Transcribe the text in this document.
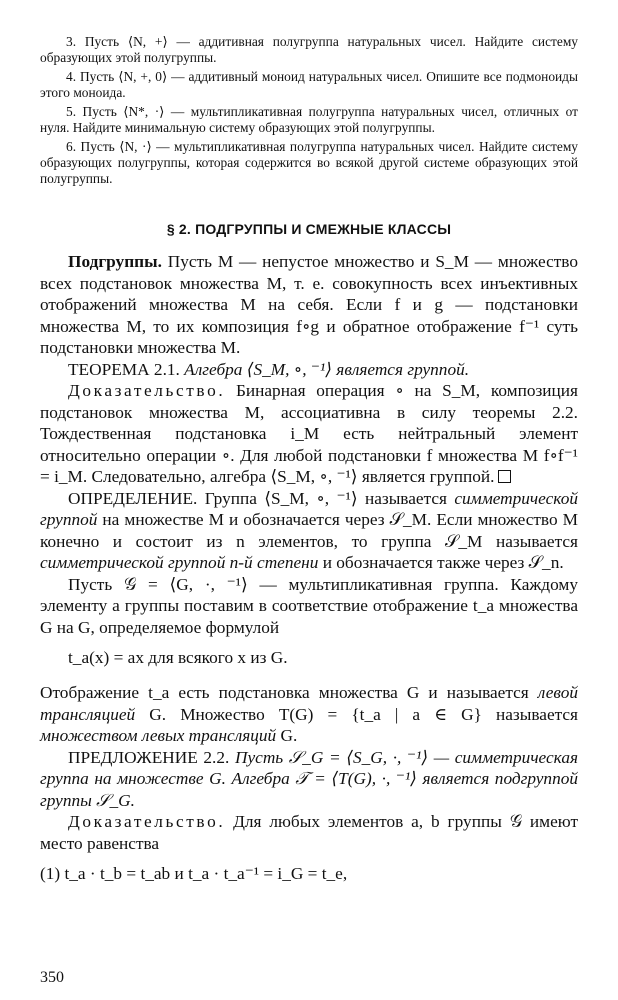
3. Пусть ⟨N, +⟩ — аддитивная полугруппа натуральных чисел. Найдите систему образующих этой полугруппы.

4. Пусть ⟨N, +, 0⟩ — аддитивный моноид натуральных чисел. Опишите все подмоноиды этого моноида.

5. Пусть ⟨N*, ·⟩ — мультипликативная полугруппа натуральных чисел, отличных от нуля. Найдите минимальную систему образующих этой полугруппы.

6. Пусть ⟨N, ·⟩ — мультипликативная полугруппа натуральных чисел. Найдите систему образующих полугруппы, которая содержится во всякой другой системе образующих этой полугруппы.

§ 2. ПОДГРУППЫ И СМЕЖНЫЕ КЛАССЫ

Подгруппы. Пусть M — непустое множество и S_M — множество всех подстановок множества M, т. е. совокупность всех инъективных отображений множества M на себя. Если f и g — подстановки множества M, то их композиция f∘g и обратное отображение f⁻¹ суть подстановки множества M.

ТЕОРЕМА 2.1. Алгебра ⟨S_M, ∘, ⁻¹⟩ является группой.

Доказательство. Бинарная операция ∘ на S_M, композиция подстановок множества M, ассоциативна в силу теоремы 2.2. Тождественная подстановка i_M есть нейтральный элемент относительно операции ∘. Для любой подстановки f множества M f∘f⁻¹ = i_M. Следовательно, алгебра ⟨S_M, ∘, ⁻¹⟩ является группой.

ОПРЕДЕЛЕНИЕ. Группа ⟨S_M, ∘, ⁻¹⟩ называется симметрической группой на множестве M и обозначается через 𝒮_M. Если множество M конечно и состоит из n элементов, то группа 𝒮_M называется симметрической группой n-й степени и обозначается также через 𝒮_n.

Пусть 𝒢 = ⟨G, ·, ⁻¹⟩ — мультипликативная группа. Каждому элементу a группы поставим в соответствие отображение t_a множества G на G, определяемое формулой

t_a(x) = ax для всякого x из G.

Отображение t_a есть подстановка множества G и называется левой трансляцией G. Множество T(G) = {t_a | a ∈ G} называется множеством левых трансляций G.

ПРЕДЛОЖЕНИЕ 2.2. Пусть 𝒮_G = ⟨S_G, ·, ⁻¹⟩ — симметрическая группа на множестве G. Алгебра 𝒯 = ⟨T(G), ·, ⁻¹⟩ является подгруппой группы 𝒮_G.

Доказательство. Для любых элементов a, b группы 𝒢 имеют место равенства

(1) t_a · t_b = t_ab и t_a · t_a⁻¹ = i_G = t_e,
350
